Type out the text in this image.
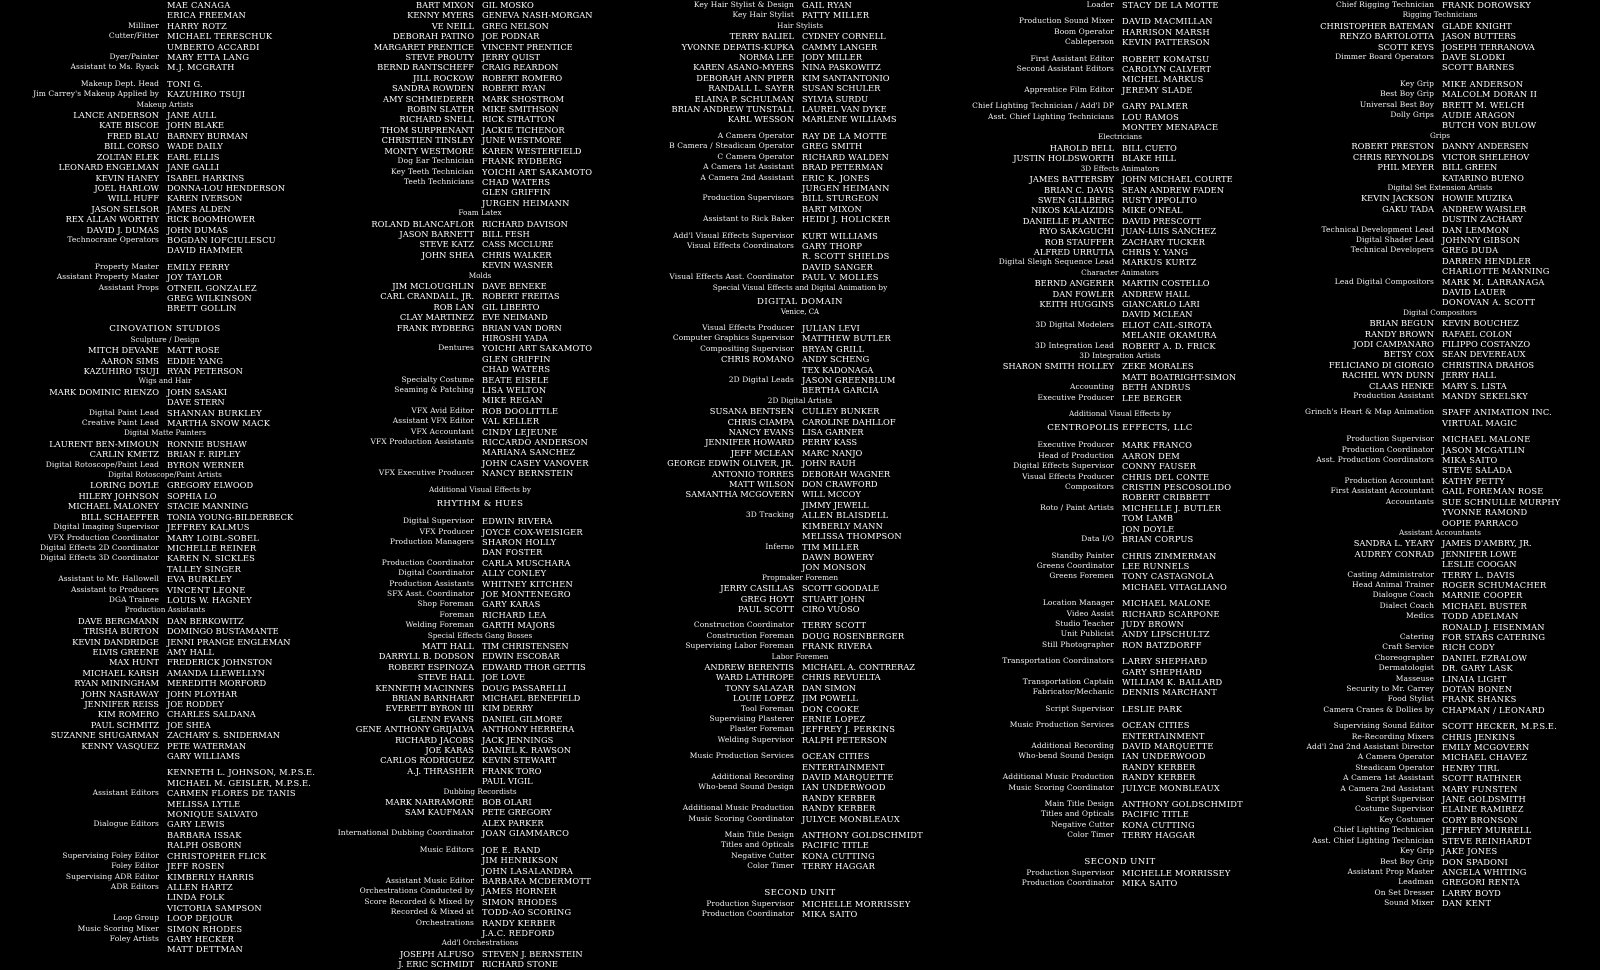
MAE CANAGA
ERICA FREEMAN
Milliner HARRY ROTZ
Cutter/Fitter MICHAEL TERESCHUK
UMBERTO ACCARDI
Dyer/Painter MARY ETTA LANG
Assistant to Ms. Ryack M.J. MCGRATH
Makeup Dept. Head TONI G.
Jim Carrey's Makeup Applied by KAZUHIRO TSUJI
Makeup Artists
LANCE ANDERSON JANE AULL
KATE BISCOE JOHN BLAKE
FRED BLAU BARNEY BURMAN
BILL CORSO WADE DAILY
ZOLTAN ELEK EARL ELLIS
LEONARD ENGELMAN JANE GALLI
KEVIN HANEY ISABEL HARKINS
JOEL HARLOW DONNA-LOU HENDERSON
WILL HUFF KAREN IVERSON
JASON SELSOR JAMES ALDEN
REX ALLAN WORTHY RICK BOOMHOWER
DAVID J. DUMAS JOHN DUMAS
Technocrane Operators BOGDAN IOFCIULESCU
DAVID HAMMER
Property Master EMILY FERRY
Assistant Property Master JOY TAYLOR
Assistant Props OTNEIL GONZALEZ
GREG WILKINSON
BRETT GOLLIN
CINOVATION STUDIOS
Sculpture / Design
MITCH DEVANE MATT ROSE
AARON SIMS EDDIE YANG
KAZUHIRO TSUJI RYAN PETERSON
Wigs and Hair
MARK DOMINIC RIENZO JOHN SASAKI
DAVE STERN
Digital Paint Lead SHANNAN BURKLEY
Creative Paint Lead MARTHA SNOW MACK
Digital Matte Painters
LAURENT BEN-MIMOUN RONNIE BUSHAW
CARLIN KMETZ BRIAN F. RIPLEY
Digital Rotoscope/Paint Lead BYRON WERNER
Digital Rotoscope/Paint Artists
LORING DOYLE GREGORY ELWOOD
HILERY JOHNSON SOPHIA LO
MICHAEL MALONEY STACIE MANNING
BILL SCHAEFFER TONIA YOUNG-BILDERBECK
Digital Imaging Supervisor JEFFREY KALMUS
VFX Production Coordinator MARY LOIBL-SOBEL
Digital Effects 2D Coordinator MICHELLE REINER
Digital Effects 3D Coordinator KAREN N. SICKLES
TALLEY SINGER
Assistant to Mr. Hallowell EVA BURKLEY
Assistant to Producers VINCENT LEONE
DGA Trainee LOUIS W. HAGNEY
Production Assistants
DAVE BERGMANN DAN BERKOWITZ
TRISHA BURTON DOMINGO BUSTAMANTE
KEVIN DANDRIDGE JENNI PRANGE ENGLEMAN
ELVIS GREENE AMY HALL
MAX HUNT FREDERICK JOHNSTON
MICHAEL KARSH AMANDA LLEWELLYN
RYAN MININGHAM MEREDITH MORFORD
JOHN NASRAWAY JOHN PLOYHAR
JENNIFER REISS JOE RODDEY
KIM ROMERO CHARLES SALDANA
PAUL SCHMITZ JOE SHEA
SUZANNE SHUGARMAN ZACHARY S. SNIDERMAN
KENNY VASQUEZ PETE WATERMAN
GARY WILLIAMS
KENNETH L. JOHNSON, M.P.S.E.
MICHAEL M. GEISLER, M.P.S.E.
Assistant Editors CARMEN FLORES DE TANIS
MELISSA LYTLE
MONIQUE SALVATO
Dialogue Editors GARY LEWIS
BARBARA ISSAK
RALPH OSBORN
Supervising Foley Editor CHRISTOPHER FLICK
Foley Editor JEFF ROSEN
Supervising ADR Editor KIMBERLY HARRIS
ADR Editors ALLEN HARTZ
LINDA FOLK
VICTORIA SAMPSON
Loop Group LOOP DEJOUR
Music Scoring Mixer SIMON RHODES
Foley Artists GARY HECKER
MATT DETTMAN
BART MIXON GIL MOSKO
KENNY MYERS GENEVA NASH-MORGAN
VE NEILL GREG NELSON
DEBORAH PATINO JOE PODNAR
MARGARET PRENTICE VINCENT PRENTICE
STEVE PROUTY JERRY QUIST
BERND RANTSCHEFF CRAIG REARDON
JILL ROCKOW ROBERT ROMERO
SANDRA ROWDEN ROBERT RYAN
AMY SCHMIEDERER MARK SHOSTROM
ROBIN SLATER MIKE SMITHSON
RICHARD SNELL RICK STRATTON
THOM SURPRENANT JACKIE TICHENOR
CHRISTIEN TINSLEY JUNE WESTMORE
MONTY WESTMORE KAREN WESTERFIELD
Dog Ear Technician FRANK RYDBERG
Key Teeth Technician YOICHI ART SAKAMOTO
Teeth Technicians CHAD WATERS
GLEN GRIFFIN
JURGEN HEIMANN
Foam Latex
ROLAND BLANCAFLOR RICHARD DAVISON
JASON BARNETT BILL FESH
STEVE KATZ CASS MCCLURE
JOHN SHEA CHRIS WALKER
KEVIN WASNER
Molds
JIM MCLOUGHLIN DAVE BENEKE
CARL CRANDALL, JR. ROBERT FREITAS
ROB LAN GIL LIBERTO
CLAY MARTINEZ EVE NEIMAND
FRANK RYDBERG BRIAN VAN DORN
HIROSHI YADA
Dentures YOICHI ART SAKAMOTO
GLEN GRIFFIN
CHAD WATERS
Specialty Costume BEATE EISELE
Seaming & Patching LISA WELTON
MIKE REGAN
VFX Avid Editor ROB DOOLITTLE
Assistant VFX Editor VAL KELLER
VFX Accountant CINDY LEJEUNE
VFX Production Assistants RICCARDO ANDERSON
MARIANA SANCHEZ
JOHN CASEY VANOVER
VFX Executive Producer NANCY BERNSTEIN
Additional Visual Effects by
RHYTHM & HUES
Digital Supervisor EDWIN RIVERA
VFX Producer JOYCE COX-WEISIGER
Production Managers SHARON HOLLY
DAN FOSTER
Production Coordinator CARLA MUSCHARA
Digital Coordinator ALLY CONLEY
Production Assistants WHITNEY KITCHEN
SFX Asst. Coordinator JOE MONTENEGRO
Shop Foreman GARY KARAS
Foreman RICHARD LEA
Welding Foreman GARTH MAJORS
Special Effects Gang Bosses
MATT HALL TIM CHRISTENSEN
DARRYLL B. DODSON EDWIN ESCOBAR
ROBERT ESPINOZA EDWARD THOR GETTIS
STEVE HALL JOE LOVE
KENNETH MACINNES DOUG PASSARELLI
BRIAN BARNHART MICHAEL BENEFIELD
EVERETT BYRON III KIM DERRY
GLENN EVANS DANIEL GILMORE
GENE ANTHONY GRIJALVA ANTHONY HERRERA
RICHARD JACOBS JACK JENNINGS
JOE KARAS DANIEL K. RAWSON
CARLOS RODRIGUEZ KEVIN STEWART
A.J. THRASHER FRANK TORO
PAUL VIGIL
Dubbing Recordists
MARK NARRAMORE BOB OLARI
SAM KAUFMAN PETE GREGORY
ALEX PARKER
International Dubbing Coordinator JOAN GIAMMARCO
Music Editors JOE E. RAND
JIM HENRIKSON
JOHN LASALANDRA
Assistant Music Editor BARBARA MCDERMOTT
Orchestrations Conducted by JAMES HORNER
Score Recorded & Mixed by SIMON RHODES
Recorded & Mixed at TODD-AO SCORING
Orchestrations RANDY KERBER
J.A.C. REDFORD
Add'l Orchestrations
JOSEPH ALFUSO STEVEN J. BERNSTEIN
J. ERIC SCHMIDT RICHARD STONE
Key Hair Stylist & Design GAIL RYAN
Key Hair Stylist PATTY MILLER
Hair Stylists
TERRY BALIEL CYDNEY CORNELL
YVONNE DEPATIS-KUPKA CAMMY LANGER
NORMA LEE JODY MILLER
KAREN ASANO-MYERS NINA PASKOWITZ
DEBORAH ANN PIPER KIM SANTANTONIO
RANDALL L. SAYER SUSAN SCHULER
ELAINA P. SCHULMAN SYLVIA SURDU
BRIAN ANDREW TUNSTALL LAUREL VAN DYKE
KARL WESSON MARLENE WILLIAMS
A Camera Operator RAY DE LA MOTTE
B Camera / Steadicam Operator GREG SMITH
C Camera Operator RICHARD WALDEN
A Camera 1st Assistant BRAD PETERMAN
A Camera 2nd Assistant ERIC K. JONES
JURGEN HEIMANN
Production Supervisors BILL STURGEON
BART MIXON
Assistant to Rick Baker HEIDI J. HOLICKER
Add'l Visual Effects Supervisor KURT WILLIAMS
Visual Effects Coordinators GARY THORP
R. SCOTT SHIELDS
DAVID SANGER
Visual Effects Asst. Coordinator PAUL V. MOLLES
Special Visual Effects and Digital Animation by
DIGITAL DOMAIN
Venice, CA
Visual Effects Producer JULIAN LEVI
Computer Graphics Supervisor MATTHEW BUTLER
Compositing Supervisor BRYAN GRILL
CHRIS ROMANO ANDY SCHENG
TEX KADONAGA
2D Digital Leads JASON GREENBLUM
BERTHA GARCIA
2D Digital Artists
SUSANA BENTSEN CULLEY BUNKER
CHRIS CIAMPA CAROLINE DAHLLOF
NANCY EVANS LISA GARNER
JENNIFER HOWARD PERRY KASS
JEFF MCLEAN MARC NANJO
GEORGE EDWIN OLIVER, JR. JOHN RAUH
ANTONIO TORRES DEBORAH WAGNER
MATT WILSON DON CRAWFORD
SAMANTHA MCGOVERN WILL MCCOY
JIMMY JEWELL
3D Tracking ALLEN BLAISDELL
KIMBERLY MANN
MELISSA THOMPSON
Inferno TIM MILLER
DAWN BOWERY
JON MONSON
Propmaker Foremen
JERRY CASILLAS SCOTT GOODALE
GREG HOYT STUART JOHN
PAUL SCOTT CIRO VUOSO
Construction Coordinator TERRY SCOTT
Construction Foreman DOUG ROSENBERGER
Supervising Labor Foreman FRANK RIVERA
Labor Foremen
ANDREW BERENTIS MICHAEL A. CONTRERAZ
WARD LATHROPE CHRIS REVUELTA
TONY SALAZAR DAN SIMON
LOUIE LOPEZ JIM POWELL
Tool Foreman DON COOKE
Supervising Plasterer ERNIE LOPEZ
Plaster Foreman JEFFREY J. PERKINS
Welding Supervisor RALPH PETERSON
Music Production Services OCEAN CITIES
ENTERTAINMENT
Additional Recording DAVID MARQUETTE
Who-bend Sound Design IAN UNDERWOOD
RANDY KERBER
Additional Music Production RANDY KERBER
Music Scoring Coordinator JULYCE MONBLEAUX
Main Title Design ANTHONY GOLDSCHMIDT
Titles and Opticals PACIFIC TITLE
Negative Cutter KONA CUTTING
Color Timer TERRY HAGGAR
SECOND UNIT
Production Supervisor MICHELLE MORRISSEY
Production Coordinator MIKA SAITO
Loader STACY DE LA MOTTE
Production Sound Mixer DAVID MACMILLAN
Boom Operator HARRISON MARSH
Cableperson KEVIN PATTERSON
First Assistant Editor ROBERT KOMATSU
Second Assistant Editors CAROLYN CALVERT
MICHEL MARKUS
Apprentice Film Editor JEREMY SLADE
Chief Lighting Technician / Add'l DP GARY PALMER
Asst. Chief Lighting Technicians LOU RAMOS
MONTEY MENAPACE
Electricians
HAROLD BELL BILL CUETO
JUSTIN HOLDSWORTH BLAKE HILL
3D Effects Animators
JAMES BATTERSBY JOHN MICHAEL COURTE
BRIAN C. DAVIS SEAN ANDREW FADEN
SWEN GILLBERG RUSTY IPPOLITO
NIKOS KALAIZIDIS MIKE O'NEAL
DANIELLE PLANTEC DAVID PRESCOTT
RYO SAKAGUCHI JUAN-LUIS SANCHEZ
ROB STAUFFER ZACHARY TUCKER
ALFRED URRUTIA CHRIS Y. YANG
Digital Sleigh Sequence Lead MARKUS KURTZ
Character Animators
BERND ANGERER MARTIN COSTELLO
DAN FOWLER ANDREW HALL
KEITH HUGGINS GIANCARLO LARI
DAVID MCLEAN
3D Digital Modelers ELIOT CAIL-SIROTA
MELANIE OKAMURA
3D Integration Lead ROBERT A. D. FRICK
3D Integration Artists
SHARON SMITH HOLLEY ZEKE MORALES
MATT BOATRIGHT-SIMON
Accounting BETH ANDRUS
Executive Producer LEE BERGER
Additional Visual Effects by
CENTROPOLIS EFFECTS, LLC
Executive Producer MARK FRANCO
Head of Production AARON DEM
Digital Effects Supervisor CONNY FAUSER
Visual Effects Producer CHRIS DEL CONTE
Compositors CRISTIN PESCOSOLIDO
ROBERT CRIBBETT
Roto / Paint Artists MICHELLE J. BUTLER
TOM LAMB
JON DOYLE
Data I/O BRIAN CORPUS
Standby Painter CHRIS ZIMMERMAN
Greens Coordinator LEE RUNNELS
Greens Foremen TONY CASTAGNOLA
MICHAEL VITAGLIANO
Location Manager MICHAEL MALONE
Video Assist RICHARD SCARPONE
Studio Teacher JUDY BROWN
Unit Publicist ANDY LIPSCHULTZ
Still Photographer RON BATZDORFF
Transportation Coordinators LARRY SHEPHARD
GARY SHEPHARD
Transportation Captain WILLIAM K. BALLARD
Fabricator/Mechanic DENNIS MARCHANT
Script Supervisor LESLIE PARK
Music Production Services OCEAN CITIES
ENTERTAINMENT
Additional Recording DAVID MARQUETTE
Who-bend Sound Design IAN UNDERWOOD
RANDY KERBER
Additional Music Production RANDY KERBER
Music Scoring Coordinator JULYCE MONBLEAUX
Main Title Design ANTHONY GOLDSCHMIDT
Titles and Opticals PACIFIC TITLE
Negative Cutter KONA CUTTING
Color Timer TERRY HAGGAR
SECOND UNIT
Production Supervisor MICHELLE MORRISSEY
Production Coordinator MIKA SAITO
Chief Rigging Technician FRANK DOROWSKY
Rigging Technicians
CHRISTOPHER BATEMAN GLADE KNIGHT
RENZO BARTOLOTTA JASON BUTTERS
SCOTT KEYS JOSEPH TERRANOVA
Dimmer Board Operators DAVE SLODKI
SCOTT BARNES
Key Grip MIKE ANDERSON
Best Boy Grip MALCOLM DORAN II
Universal Best Boy BRETT M. WELCH
Dolly Grips AUDIE ARAGON
BUTCH VON BULOW
Grips
ROBERT PRESTON DANNY ANDERSEN
CHRIS REYNOLDS VICTOR SHELEHOV
PHIL MEYER BILL GREEN
KATARINO BUENO
Digital Set Extension Artists
KEVIN JACKSON HOWIE MUZIKA
GAKU TADA ANDREW WAISLER
DUSTIN ZACHARY
Technical Development Lead DAN LEMMON
Digital Shader Lead JOHNNY GIBSON
Technical Developers GREG DUDA
DARREN HENDLER
CHARLOTTE MANNING
Lead Digital Compositors MARK M. LARRANAGA
DAVID LAUER
DONOVAN A. SCOTT
Digital Compositors
BRIAN BEGUN KEVIN BOUCHEZ
RANDY BROWN RAFAEL COLON
JODI CAMPANARO FILIPPO COSTANZO
BETSY COX SEAN DEVEREAUX
FELICIANO DI GIORGIO CHRISTINA DRAHOS
RACHEL WYN DUNN JERRY HALL
CLAAS HENKE MARY S. LISTA
Production Assistant MANDY SEKELSKY
Grinch's Heart & Map Animation SPAFF ANIMATION INC.
VIRTUAL MAGIC
Production Supervisor MICHAEL MALONE
Production Coordinator JASON MCGATLIN
Asst. Production Coordinators MIKA SAITO
STEVE SALADA
Production Accountant KATHY PETTY
First Assistant Accountant GAIL FOREMAN ROSE
Accountants SUE SCHNULLE MURPHY
YVONNE RAMOND
OOPIE PARRACO
Assistant Accountants
SANDRA L. YEARY JAMES D'AMBRY, JR.
AUDREY CONRAD JENNIFER LOWE
LESLIE COOGAN
Casting Administrator TERRY L. DAVIS
Head Animal Trainer ROGER SCHUMACHER
Dialogue Coach MARNIE COOPER
Dialect Coach MICHAEL BUSTER
Medics TODD ADELMAN
RONALD J. EISENMAN
Catering FOR STARS CATERING
Craft Service RICH CODY
Choreographer DANIEL EZRALOW
Dermatologist DR. GARY LASK
Masseuse LINAIA LIGHT
Security to Mr. Carrey DOTAN BONEN
Food Stylist FRANK SHANKS
Camera Cranes & Dollies by CHAPMAN / LEONARD
Supervising Sound Editor SCOTT HECKER, M.P.S.E.
Re-Recording Mixers CHRIS JENKINS
Add'l 2nd 2nd Assistant Director EMILY MCGOVERN
A Camera Operator MICHAEL CHAVEZ
Steadicam Operator HENRY TIRL
A Camera 1st Assistant SCOTT RATHNER
A Camera 2nd Assistant MARY FUNSTEN
Script Supervisor JANE GOLDSMITH
Costume Supervisor ELAINE RAMIREZ
Key Costumer CORY BRONSON
Chief Lighting Technician JEFFREY MURRELL
Asst. Chief Lighting Technician STEVE REINHARDT
Key Grip JAKE JONES
Best Boy Grip DON SPADONI
Assistant Prop Master ANGELA WHITING
Leadman GREGORI RENTA
On Set Dresser LARRY BOYD
Sound Mixer DAN KENT
